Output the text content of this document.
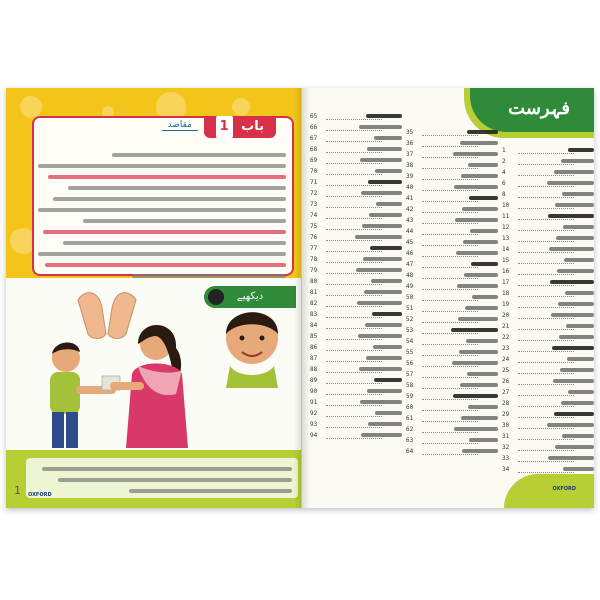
باب 1
مقاصد
دیکھیے
1 OXFORD
فہرست
1
2
4
6
8
10
11
12
13
14
15
16
17
18
19
20
21
22
23
24
25
26
27
28
29
30
31
32
33
34
35
36
37
38
39
40
41
42
43
44
45
46
47
48
49
50
51
52
53
54
55
56
57
58
59
60
61
62
63
64
65
66
67
68
69
70
71
72
73
74
75
76
77
78
79
80
81
82
83
84
85
86
87
88
89
90
91
92
93
94
OXFORD
